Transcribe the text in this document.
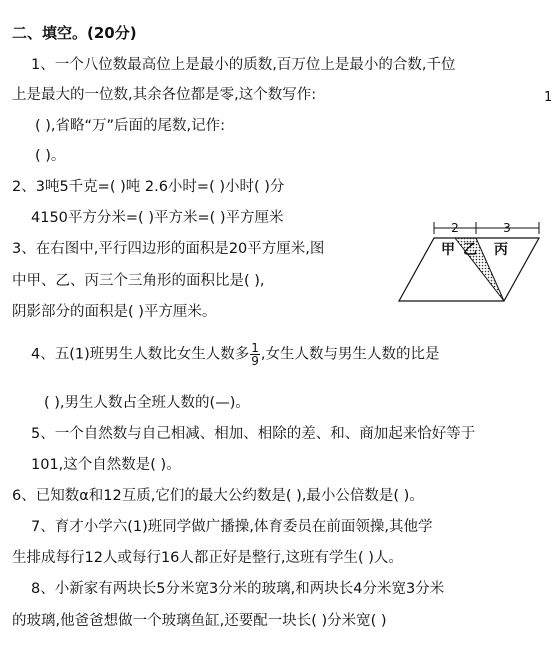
二、填空。(20分)
1、一个八位数最高位上是最小的质数,百万位上是最小的合数,千位
上是最大的一位数,其余各位都是零,这个数写作:
( ),省略“万”后面的尾数,记作:
( )。
1
2、3吨5千克=( )吨 2.6小时=( )小时( )分
4150平方分米=( )平方米=( )平方厘米
3、在右图中,平行四边形的面积是20平方厘米,图
中甲、乙、丙三个三角形的面积比是( ),
阴影部分的面积是( )平方厘米。
2	3
甲 乙 丙
4、五(1)班男生人数比女生人数多 $\frac{1}{9}$ ,女生人数与男生人数的比是
( ),男生人数占全班人数的(—)。
5、一个自然数与自己相减、相加、相除的差、和、商加起来恰好等于
101,这个自然数是( )。
6、已知数α和12互质,它们的最大公约数是( ),最小公倍数是( )。
7、育才小学六(1)班同学做广播操,体育委员在前面领操,其他学
生排成每行12人或每行16人都正好是整行,这班有学生( )人。
8、小新家有两块长5分米宽3分米的玻璃,和两块长4分米宽3分米
的玻璃,他爸爸想做一个玻璃鱼缸,还要配一块长( )分米宽( )
